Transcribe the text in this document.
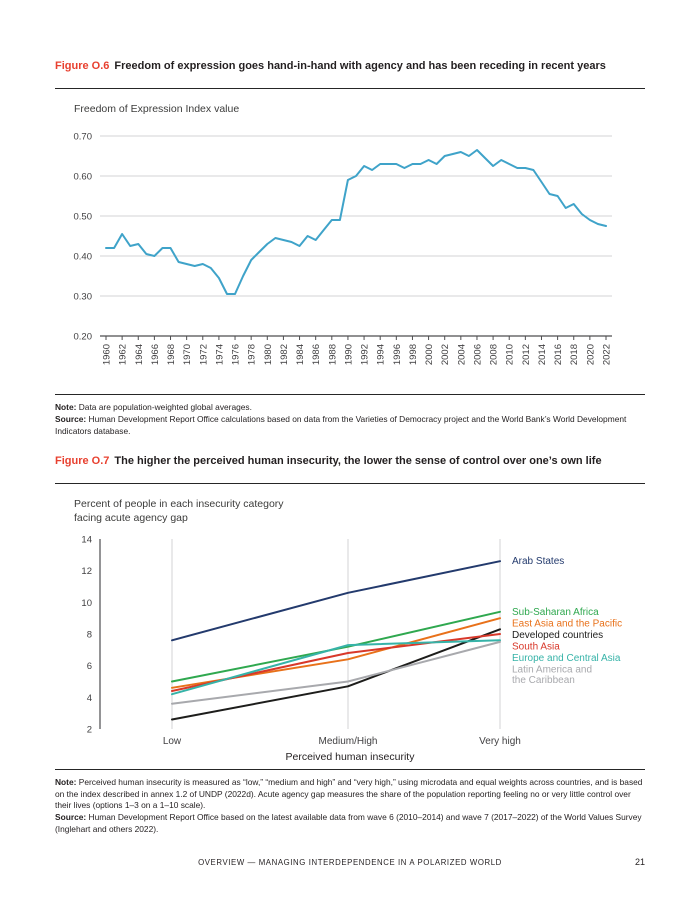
Figure O.6 Freedom of expression goes hand-in-hand with agency and has been receding in recent years
Freedom of Expression Index value
0.20
0.30
0.40
0.50
0.60
0.70
1960 1962 1964 1966 1968 1970 1972 1974 1976 1978 1980 1982 1984 1986 1988 1990 1992 1994 1996 1998 2000 2002 2004 2006 2008 2010 2012 2014 2016 2018 2020 2022

Note: Data are population-weighted global averages.

Source: Human Development Report Office calculations based on data from the Varieties of Democracy project and the World Bank’s World Development Indicators database.

Figure O.7 The higher the perceived human insecurity, the lower the sense of control over one’s own life
Percent of people in each insecurity category
facing acute agency gap
Low	Medium/High	Very high
2
4
6
8
10
12
14
Arab States
Sub-Saharan Africa
East Asia and the Pacific
Developed countries
South Asia
Europe and Central Asia
Latin America and
the Caribbean
Perceived human insecurity

Note: Perceived human insecurity is measured as “low,” “medium and high” and “very high,” using microdata and equal weights across countries, and is based on the index described in annex 1.2 of UNDP (2022d). Acute agency gap measures the share of the population reporting feeling no or very little control over their lives (options 1–3 on a 1–10 scale).

Source: Human Development Report Office based on the latest available data from wave 6 (2010–2014) and wave 7 (2017–2022) of the World Values Survey (Inglehart and others 2022).

OVERVIEW — MANAGING INTERDEPENDENCE IN A POLARIZED WORLD	21
